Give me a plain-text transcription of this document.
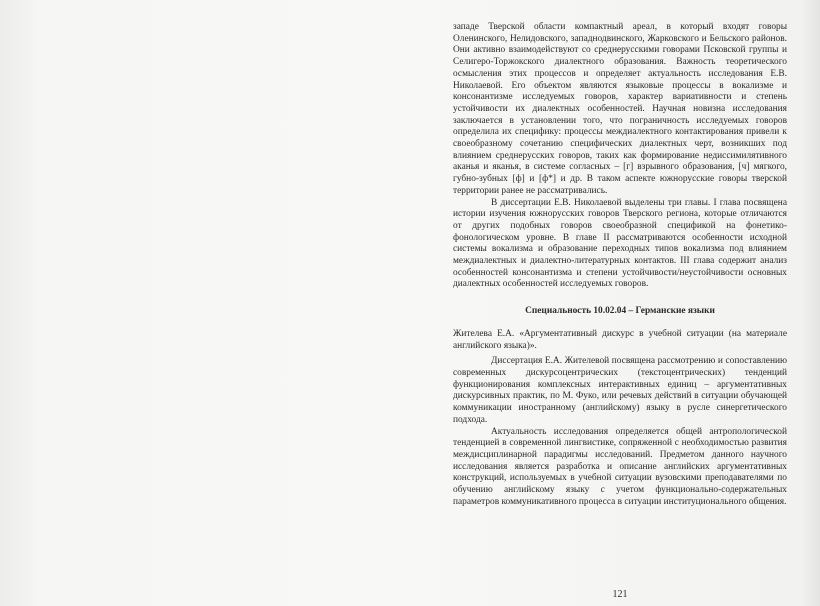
западе Тверской области компактный ареал, в который входят говоры Оленинского, Нелидовского, западнодвинского, Жарковского и Бельского районов. Они активно взаимодействуют со среднерусскими говорами Псковской группы и Селигеро-Торжокского диалектного образования. Важность теоретического осмысления этих процессов и определяет актуальность исследования Е.В. Николаевой. Его объектом являются языковые процессы в вокализме и консонантизме исследуемых говоров, характер вариативности и степень устойчивости их диалектных особенностей. Научная новизна исследования заключается в установлении того, что пограничность исследуемых говоров определила их специфику: процессы междиалектного контактирования привели к своеобразному сочетанию специфических диалектных черт, возникших под влиянием среднерусских говоров, таких как формирование недиссимилятивного аканья и яканья, в системе согласных – [г] взрывного образования, [ч] мягкого, губно-зубных [ф] и [ф*] и др. В таком аспекте южнорусские говоры тверской территории ранее не рассматривались.

В диссертации Е.В. Николаевой выделены три главы. I глава посвящена истории изучения южнорусских говоров Тверского региона, которые отличаются от других подобных говоров своеобразной спецификой на фонетико-фонологическом уровне. В главе II рассматриваются особенности исходной системы вокализма и образование переходных типов вокализма под влиянием междиалектных и диалектно-литературных контактов. III глава содержит анализ особенностей консонантизма и степени устойчивости/неустойчивости основных диалектных особенностей исследуемых говоров.

Специальность 10.02.04 – Германские языки

Жителева Е.А. «Аргументативный дискурс в учебной ситуации (на материале английского языка)».

Диссертация Е.А. Жителевой посвящена рассмотрению и сопоставлению современных дискурсоцентрических (текстоцентрических) тенденций функционирования комплексных интерактивных единиц – аргументативных дискурсивных практик, по М. Фуко, или речевых действий в ситуации обучающей коммуникации иностранному (английскому) языку в русле синергетического подхода.

Актуальность исследования определяется общей антропологической тенденцией в современной лингвистике, сопряженной с необходимостью развития междисциплинарной парадигмы исследований. Предметом данного научного исследования является разработка и описание английских аргументативных конструкций, используемых в учебной ситуации вузовскими преподавателями по обучению английскому языку с учетом функционально-содержательных параметров коммуникативного процесса в ситуации институционального общения.

121
